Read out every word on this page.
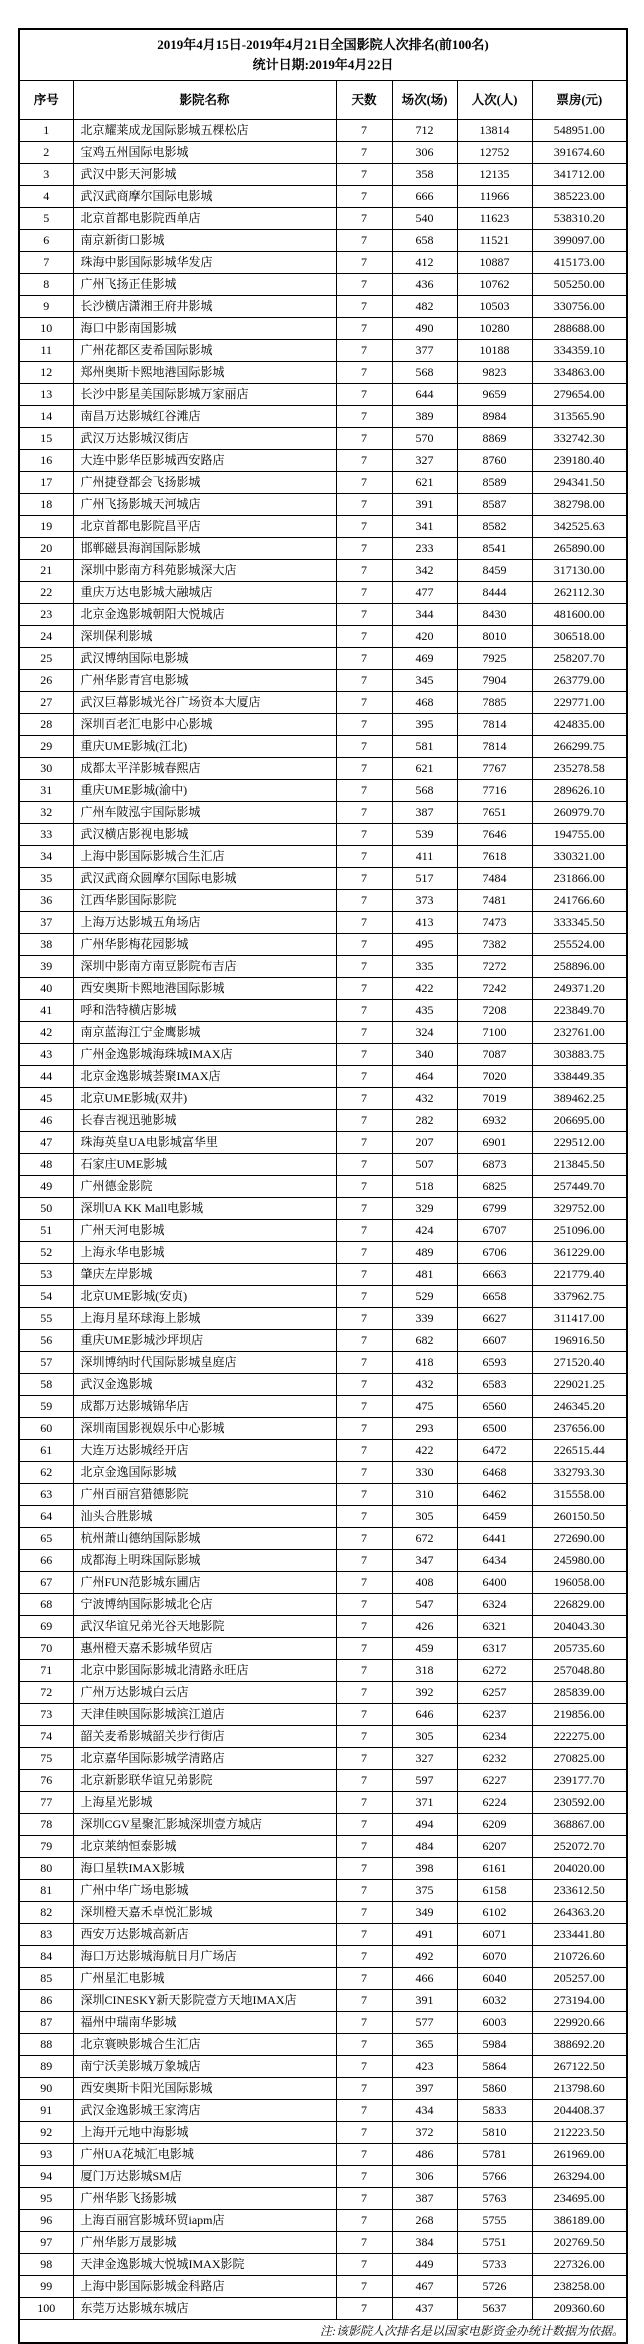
2019年4月15日-2019年4月21日全国影院人次排名(前100名)
统计日期:2019年4月22日					

序号	影院名称	天数	场次(场)	人次(人)	票房(元)
1	北京耀莱成龙国际影城五棵松店	7	712	13814	548951.00
2	宝鸡五州国际电影城	7	306	12752	391674.60
3	武汉中影天河影城	7	358	12135	341712.00
4	武汉武商摩尔国际电影城	7	666	11966	385223.00
5	北京首都电影院西单店	7	540	11623	538310.20
6	南京新街口影城	7	658	11521	399097.00
7	珠海中影国际影城华发店	7	412	10887	415173.00
8	广州飞扬正佳影城	7	436	10762	505250.00
9	长沙横店潇湘王府井影城	7	482	10503	330756.00
10	海口中影南国影城	7	490	10280	288688.00
11	广州花都区麦希国际影城	7	377	10188	334359.10
12	郑州奥斯卡熙地港国际影城	7	568	9823	334863.00
13	长沙中影星美国际影城万家丽店	7	644	9659	279654.00
14	南昌万达影城红谷滩店	7	389	8984	313565.90
15	武汉万达影城汉街店	7	570	8869	332742.30
16	大连中影华臣影城西安路店	7	327	8760	239180.40
17	广州捷登都会飞扬影城	7	621	8589	294341.50
18	广州飞扬影城天河城店	7	391	8587	382798.00
19	北京首都电影院昌平店	7	341	8582	342525.63
20	邯郸磁县海润国际影城	7	233	8541	265890.00
21	深圳中影南方科苑影城深大店	7	342	8459	317130.00
22	重庆万达电影城大融城店	7	477	8444	262112.30
23	北京金逸影城朝阳大悦城店	7	344	8430	481600.00
24	深圳保利影城	7	420	8010	306518.00
25	武汉博纳国际电影城	7	469	7925	258207.70
26	广州华影青宫电影城	7	345	7904	263779.00
27	武汉巨幕影城光谷广场资本大厦店	7	468	7885	229771.00
28	深圳百老汇电影中心影城	7	395	7814	424835.00
29	重庆UME影城(江北)	7	581	7814	266299.75
30	成都太平洋影城春熙店	7	621	7767	235278.58
31	重庆UME影城(渝中)	7	568	7716	289626.10
32	广州车陂泓宇国际影城	7	387	7651	260979.70
33	武汉横店影视电影城	7	539	7646	194755.00
34	上海中影国际影城合生汇店	7	411	7618	330321.00
35	武汉武商众圆摩尔国际电影城	7	517	7484	231866.00
36	江西华影国际影院	7	373	7481	241766.60
37	上海万达影城五角场店	7	413	7473	333345.50
38	广州华影梅花园影城	7	495	7382	255524.00
39	深圳中影南方南豆影院布吉店	7	335	7272	258896.00
40	西安奥斯卡熙地港国际影城	7	422	7242	249371.20
41	呼和浩特横店影城	7	435	7208	223849.70
42	南京蓝海江宁金鹰影城	7	324	7100	232761.00
43	广州金逸影城海珠城IMAX店	7	340	7087	303883.75
44	北京金逸影城荟聚IMAX店	7	464	7020	338449.35
45	北京UME影城(双井)	7	432	7019	389462.25
46	长春吉视迅驰影城	7	282	6932	206695.00
47	珠海英皇UA电影城富华里	7	207	6901	229512.00
48	石家庄UME影城	7	507	6873	213845.50
49	广州德金影院	7	518	6825	257449.70
50	深圳UA KK Mall电影城	7	329	6799	329752.00
51	广州天河电影城	7	424	6707	251096.00
52	上海永华电影城	7	489	6706	361229.00
53	肇庆左岸影城	7	481	6663	221779.40
54	北京UME影城(安贞)	7	529	6658	337962.75
55	上海月星环球海上影城	7	339	6627	311417.00
56	重庆UME影城沙坪坝店	7	682	6607	196916.50
57	深圳博纳时代国际影城皇庭店	7	418	6593	271520.40
58	武汉金逸影城	7	432	6583	229021.25
59	成都万达影城锦华店	7	475	6560	246345.20
60	深圳南国影视娱乐中心影城	7	293	6500	237656.00
61	大连万达影城经开店	7	422	6472	226515.44
62	北京金逸国际影城	7	330	6468	332793.30
63	广州百丽宫猎德影院	7	310	6462	315558.00
64	汕头合胜影城	7	305	6459	260150.50
65	杭州萧山德纳国际影城	7	672	6441	272690.00
66	成都海上明珠国际影城	7	347	6434	245980.00
67	广州FUN范影城东圃店	7	408	6400	196058.00
68	宁波博纳国际影城北仑店	7	547	6324	226829.00
69	武汉华谊兄弟光谷天地影院	7	426	6321	204043.30
70	惠州橙天嘉禾影城华贸店	7	459	6317	205735.60
71	北京中影国际影城北清路永旺店	7	318	6272	257048.80
72	广州万达影城白云店	7	392	6257	285839.00
73	天津佳映国际影城滨江道店	7	646	6237	219856.00
74	韶关麦希影城韶关步行街店	7	305	6234	222275.00
75	北京嘉华国际影城学清路店	7	327	6232	270825.00
76	北京新影联华谊兄弟影院	7	597	6227	239177.70
77	上海星光影城	7	371	6224	230592.00
78	深圳CGV星聚汇影城深圳壹方城店	7	494	6209	368867.00
79	北京莱纳恒泰影城	7	484	6207	252072.70
80	海口星轶IMAX影城	7	398	6161	204020.00
81	广州中华广场电影城	7	375	6158	233612.50
82	深圳橙天嘉禾卓悦汇影城	7	349	6102	264363.20
83	西安万达影城高新店	7	491	6071	233441.80
84	海口万达影城海航日月广场店	7	492	6070	210726.60
85	广州星汇电影城	7	466	6040	205257.00
86	深圳CINESKY新天影院壹方天地IMAX店	7	391	6032	273194.00
87	福州中瑞南华影城	7	577	6003	229920.66
88	北京寰映影城合生汇店	7	365	5984	388692.20
89	南宁沃美影城万象城店	7	423	5864	267122.50
90	西安奥斯卡阳光国际影城	7	397	5860	213798.60
91	武汉金逸影城王家湾店	7	434	5833	204408.37
92	上海开元地中海影城	7	372	5810	212223.50
93	广州UA花城汇电影城	7	486	5781	261969.00
94	厦门万达影城SM店	7	306	5766	263294.00
95	广州华影飞扬影城	7	387	5763	234695.00
96	上海百丽宫影城环贸iapm店	7	268	5755	386189.00
97	广州华影万晟影城	7	384	5751	202769.50
98	天津金逸影城大悦城IMAX影院	7	449	5733	227326.00
99	上海中影国际影城金科路店	7	467	5726	238258.00
100	东莞万达影城东城店	7	437	5637	209360.60
注:该影院人次排名是以国家电影资金办统计数据为依据。					
